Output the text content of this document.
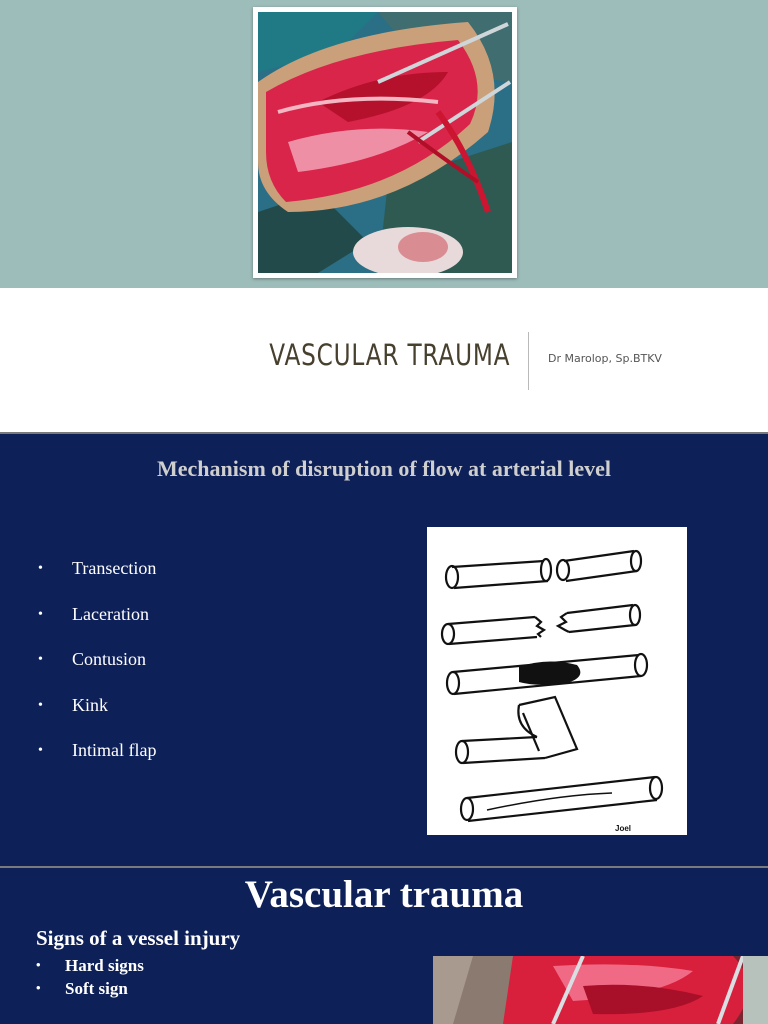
VASCULAR TRAUMA	Dr Marolop, Sp.BTKV
Mechanism of disruption of flow at arterial level
• Transection
• Laceration
• Contusion
• Kink
• Intimal flap
Joel
Vascular trauma
Signs of a vessel injury
• Hard signs
• Soft sign
